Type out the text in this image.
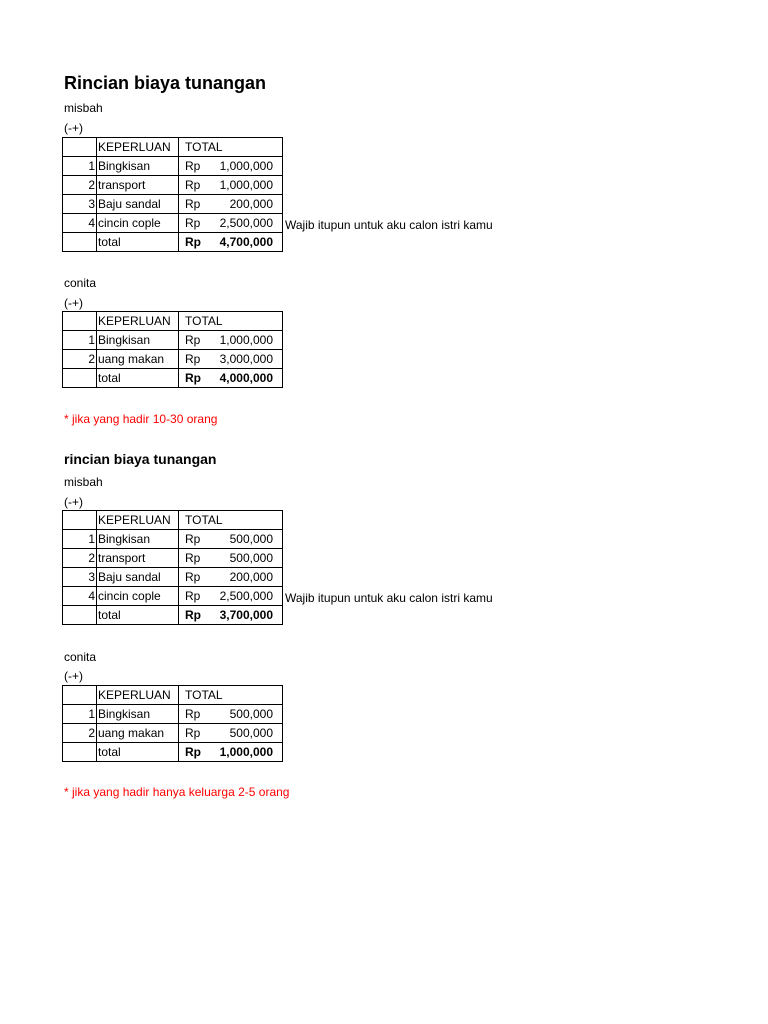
Rincian biaya tunangan
misbah
(-+)
	KEPERLUAN	TOTAL
1	Bingkisan	Rp 1,000,000
2	transport	Rp 1,000,000
3	Baju sandal	Rp 200,000
4	cincin cople	Rp 2,500,000
	total	Rp 4,700,000
Wajib itupun untuk aku calon istri kamu
conita
(-+)
	KEPERLUAN	TOTAL
1	Bingkisan	Rp 1,000,000
2	uang makan	Rp 3,000,000
	total	Rp 4,000,000
* jika yang hadir 10-30 orang
rincian biaya tunangan
misbah
(-+)
	KEPERLUAN	TOTAL
1	Bingkisan	Rp 500,000
2	transport	Rp 500,000
3	Baju sandal	Rp 200,000
4	cincin cople	Rp 2,500,000
	total	Rp 3,700,000
Wajib itupun untuk aku calon istri kamu
conita
(-+)
	KEPERLUAN	TOTAL
1	Bingkisan	Rp 500,000
2	uang makan	Rp 500,000
	total	Rp 1,000,000
* jika yang hadir hanya keluarga 2-5 orang
